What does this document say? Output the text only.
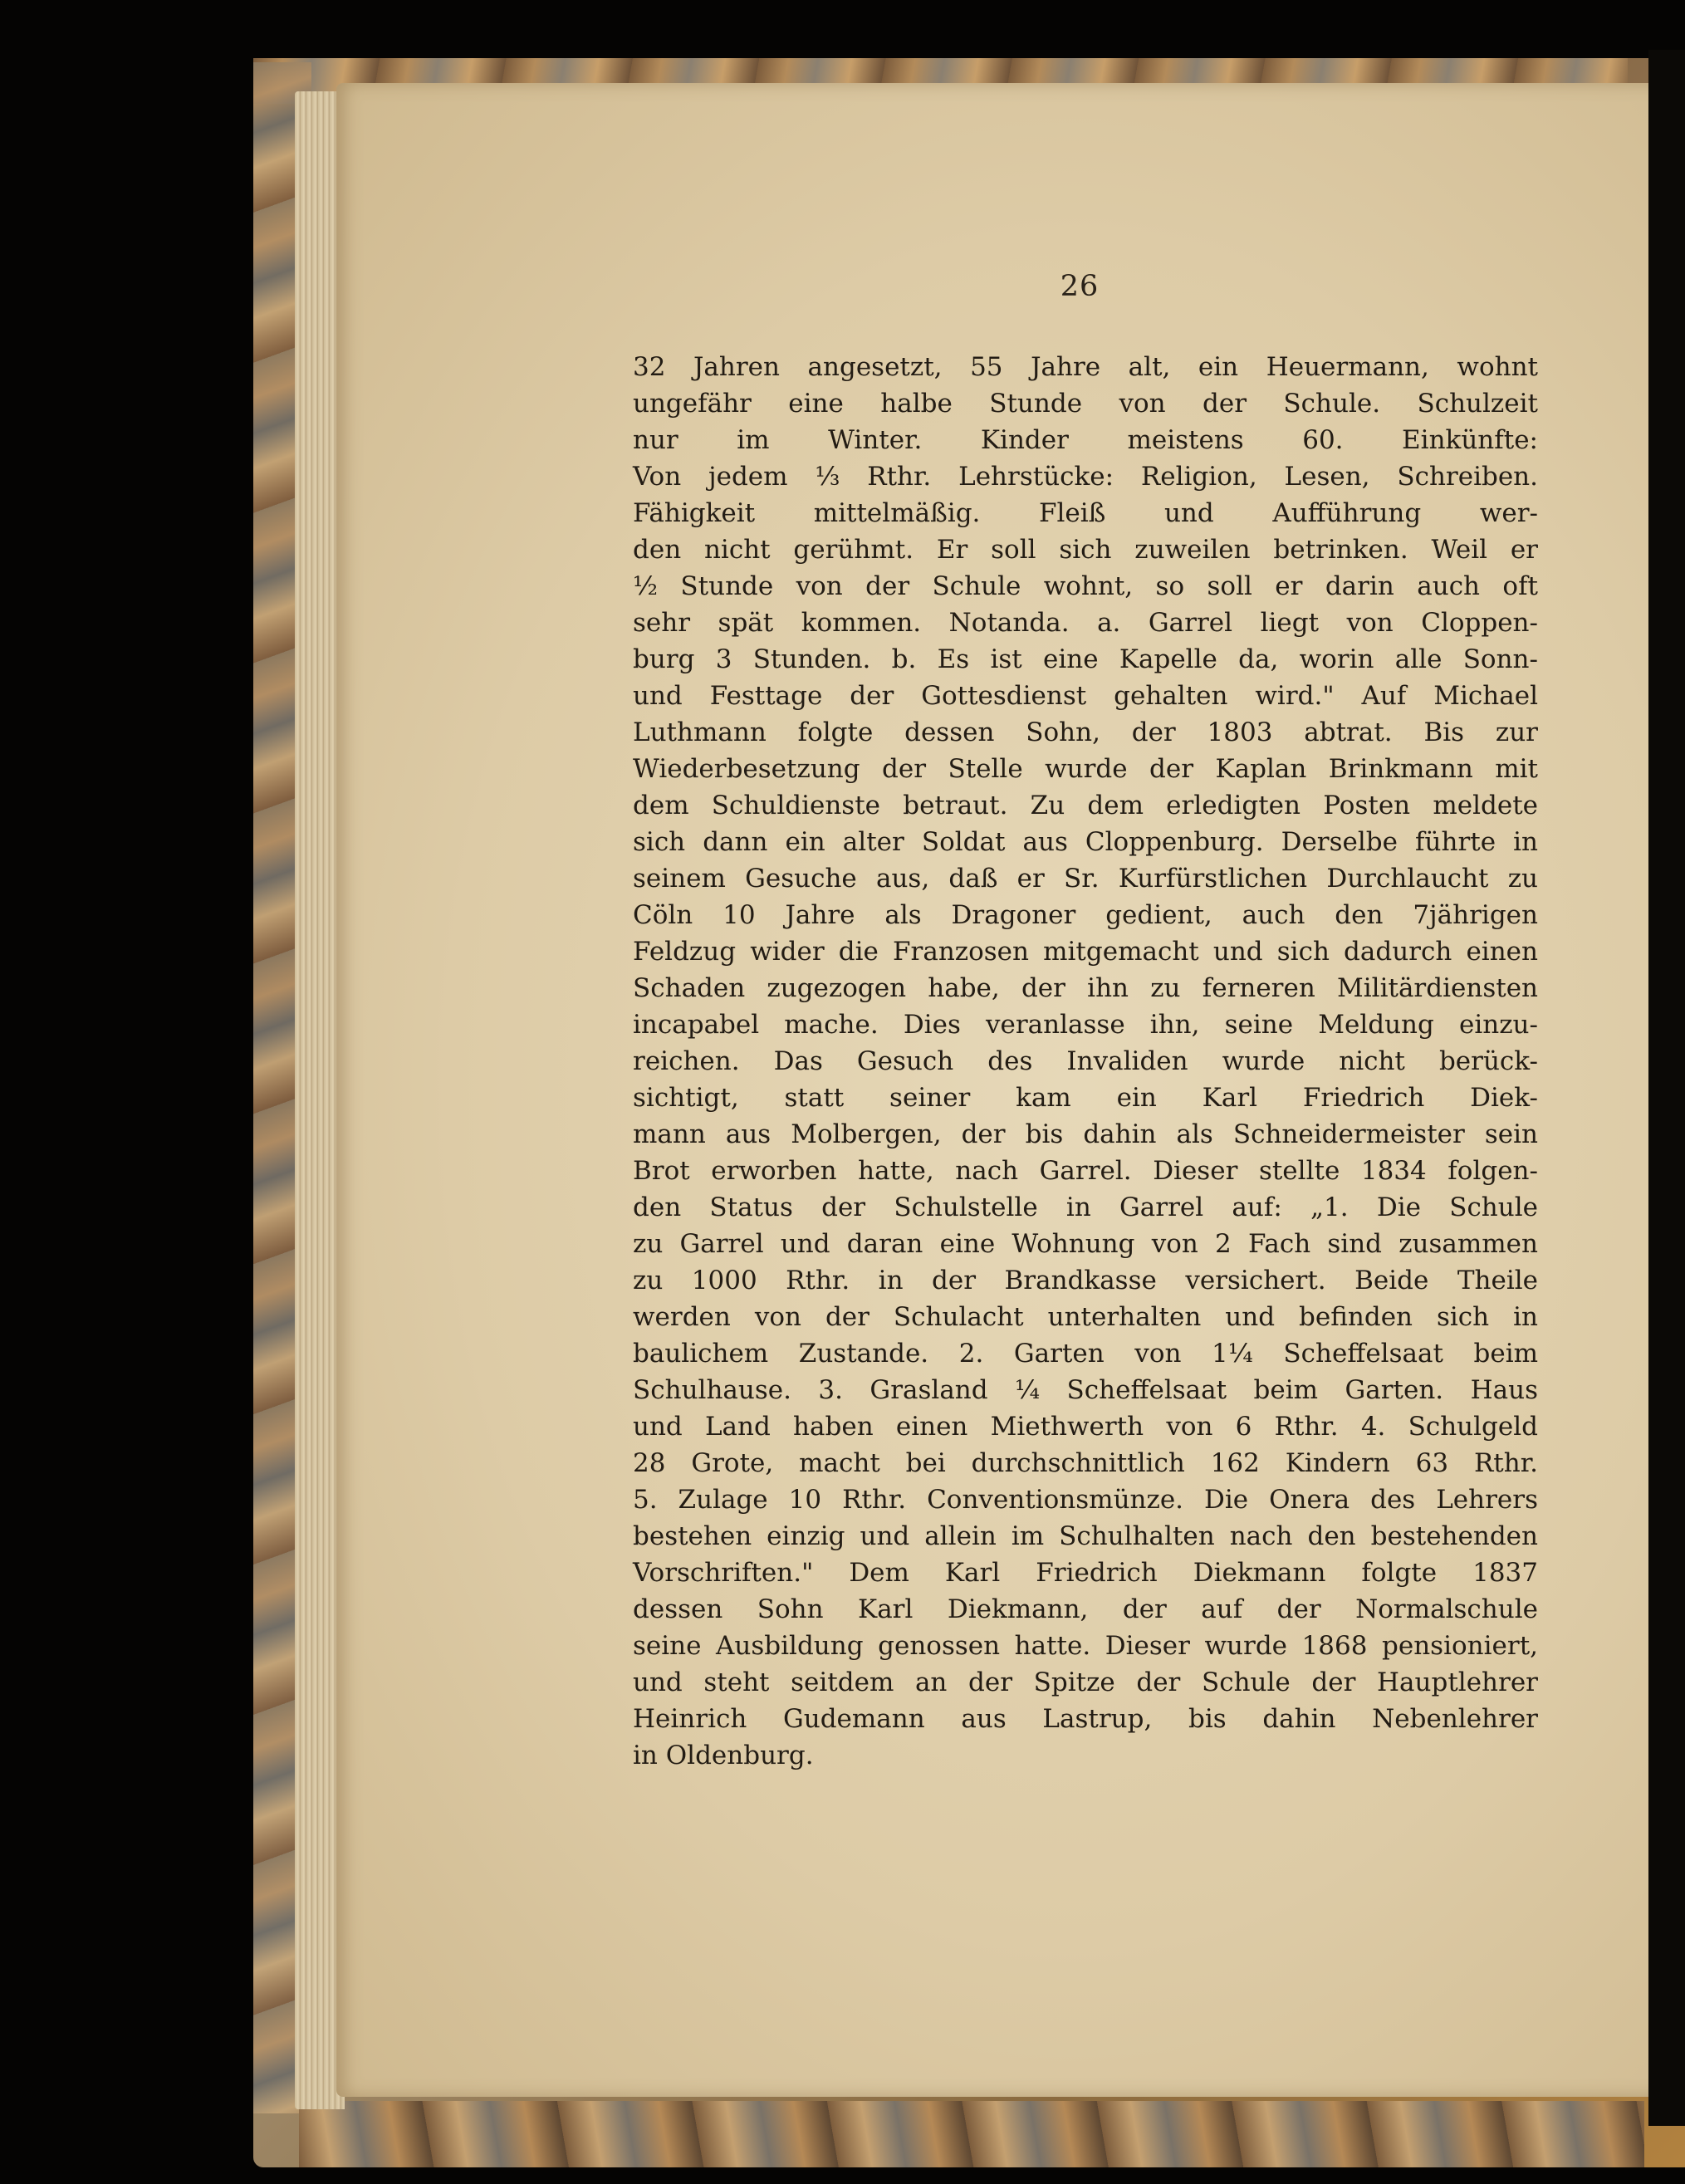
26
32 Jahren angesetzt, 55 Jahre alt, ein Heuermann, wohnt
ungefähr eine halbe Stunde von der Schule. Schulzeit
nur im Winter. Kinder meistens 60. Einkünfte:
Von jedem ⅓ Rthr. Lehrstücke: Religion, Lesen, Schreiben.
Fähigkeit mittelmäßig. Fleiß und Aufführung wer-
den nicht gerühmt. Er soll sich zuweilen betrinken. Weil er
½ Stunde von der Schule wohnt, so soll er darin auch oft
sehr spät kommen. Notanda. a. Garrel liegt von Cloppen-
burg 3 Stunden. b. Es ist eine Kapelle da, worin alle Sonn-
und Festtage der Gottesdienst gehalten wird." Auf Michael
Luthmann folgte dessen Sohn, der 1803 abtrat. Bis zur
Wiederbesetzung der Stelle wurde der Kaplan Brinkmann mit
dem Schuldienste betraut. Zu dem erledigten Posten meldete
sich dann ein alter Soldat aus Cloppenburg. Derselbe führte in
seinem Gesuche aus, daß er Sr. Kurfürstlichen Durchlaucht zu
Cöln 10 Jahre als Dragoner gedient, auch den 7jährigen
Feldzug wider die Franzosen mitgemacht und sich dadurch einen
Schaden zugezogen habe, der ihn zu ferneren Militärdiensten
incapabel mache. Dies veranlasse ihn, seine Meldung einzu-
reichen. Das Gesuch des Invaliden wurde nicht berück-
sichtigt, statt seiner kam ein Karl Friedrich Diek-
mann aus Molbergen, der bis dahin als Schneidermeister sein
Brot erworben hatte, nach Garrel. Dieser stellte 1834 folgen-
den Status der Schulstelle in Garrel auf: „1. Die Schule
zu Garrel und daran eine Wohnung von 2 Fach sind zusammen
zu 1000 Rthr. in der Brandkasse versichert. Beide Theile
werden von der Schulacht unterhalten und befinden sich in
baulichem Zustande. 2. Garten von 1¼ Scheffelsaat beim
Schulhause. 3. Grasland ¼ Scheffelsaat beim Garten. Haus
und Land haben einen Miethwerth von 6 Rthr. 4. Schulgeld
28 Grote, macht bei durchschnittlich 162 Kindern 63 Rthr.
5. Zulage 10 Rthr. Conventionsmünze. Die Onera des Lehrers
bestehen einzig und allein im Schulhalten nach den bestehenden
Vorschriften." Dem Karl Friedrich Diekmann folgte 1837
dessen Sohn Karl Diekmann, der auf der Normalschule
seine Ausbildung genossen hatte. Dieser wurde 1868 pensioniert,
und steht seitdem an der Spitze der Schule der Hauptlehrer
Heinrich Gudemann aus Lastrup, bis dahin Nebenlehrer
in Oldenburg.
